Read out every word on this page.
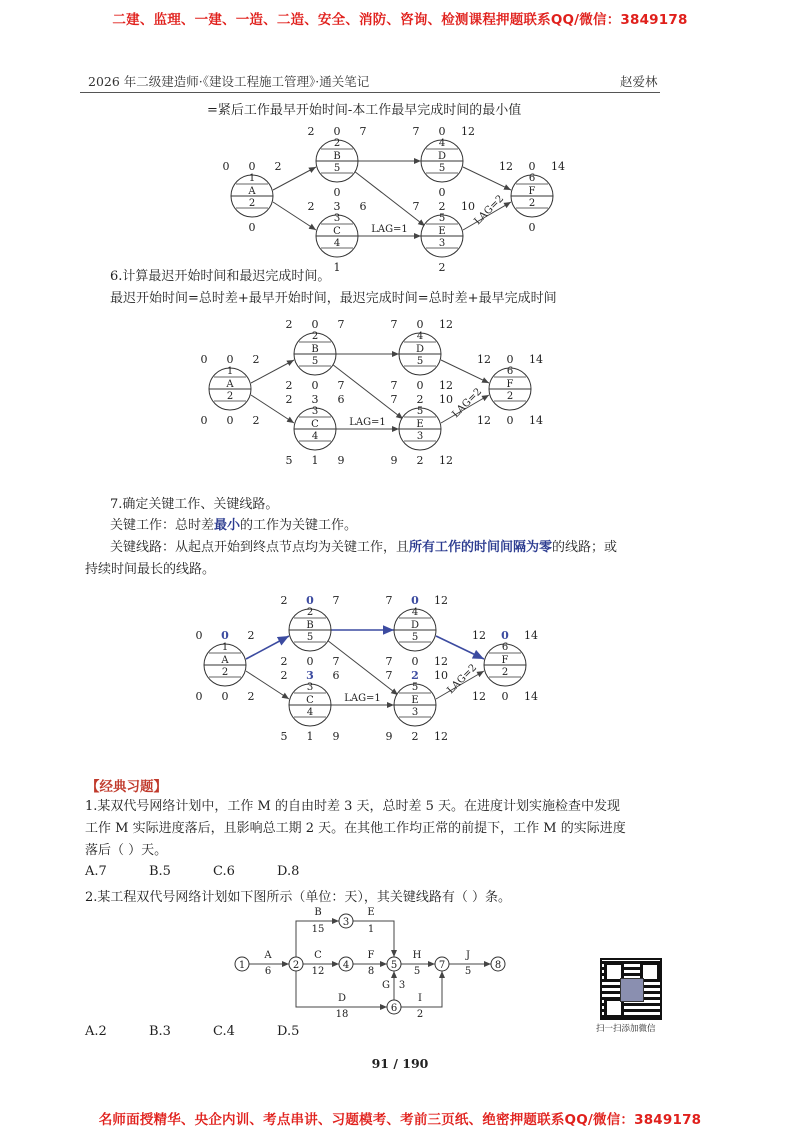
二建、监理、一建、一造、二造、安全、消防、咨询、检测课程押题联系QQ/微信：3849178
2026 年二级建造师·《建设工程施工管理》·通关笔记	赵爱林
=紧后工作最早开始时间-本工作最早完成时间的最小值
6.计算最迟开始时间和最迟完成时间。
最迟开始时间=总时差+最早开始时间，最迟完成时间=总时差+最早完成时间
7.确定关键工作、关键线路。
关键工作：总时差最小的工作为关键工作。
关键线路：从起点开始到终点节点均为关键工作，且所有工作的时间间隔为零的线路；或
持续时间最长的线路。
LAG=1
LAG=2
1
A
2
0	2
0
0
2
B
5
2	7
0
0
3
C
4
2	6
3
1
4
D
5
7	12
0
0
5
E
3
7	10
2
2
6
F
2
12	14
0
0
LAG=1
LAG=2
1
A
2
0	2
0
0
0	2
2
B
5
2	7
0
0
2	7
3
C
4
2	6
3
1
5	9
4
D
5
7	12
0
0
7	12
5
E
3
7	10
2
2
9	12
6
F
2
12	14
0
0
12	14
LAG=1
LAG=2
1
A
2
0	2
0
0
0	2
2
B
5
2	7
0
0
2	7
3
C
4
2	6
3
1
5	9
4
D
5
7	12
0
0
7	12
5
E
3
7	10
2
2
9	12
6
F
2
12	14
0
0
12	14
A
6
B
15
C
12
D
18
E
1
F
8
G 3
H
5
I
2
J
5
1	2
3
4	5
6
7	8
【经典习题】
1.某双代号网络计划中，工作 M 的自由时差 3 天，总时差 5 天。在进度计划实施检查中发现
工作 M 实际进度落后，且影响总工期 2 天。在其他工作均正常的前提下，工作 M 的实际进度
落后（ ）天。
A.7	B.5	C.6	D.8
2.某工程双代号网络计划如下图所示（单位：天），其关键线路有（ ）条。
A.2	B.3	C.4	D.5	扫一扫添加微信
91 / 190
名师面授精华、央企内训、考点串讲、习题模考、考前三页纸、绝密押题联系QQ/微信：3849178
